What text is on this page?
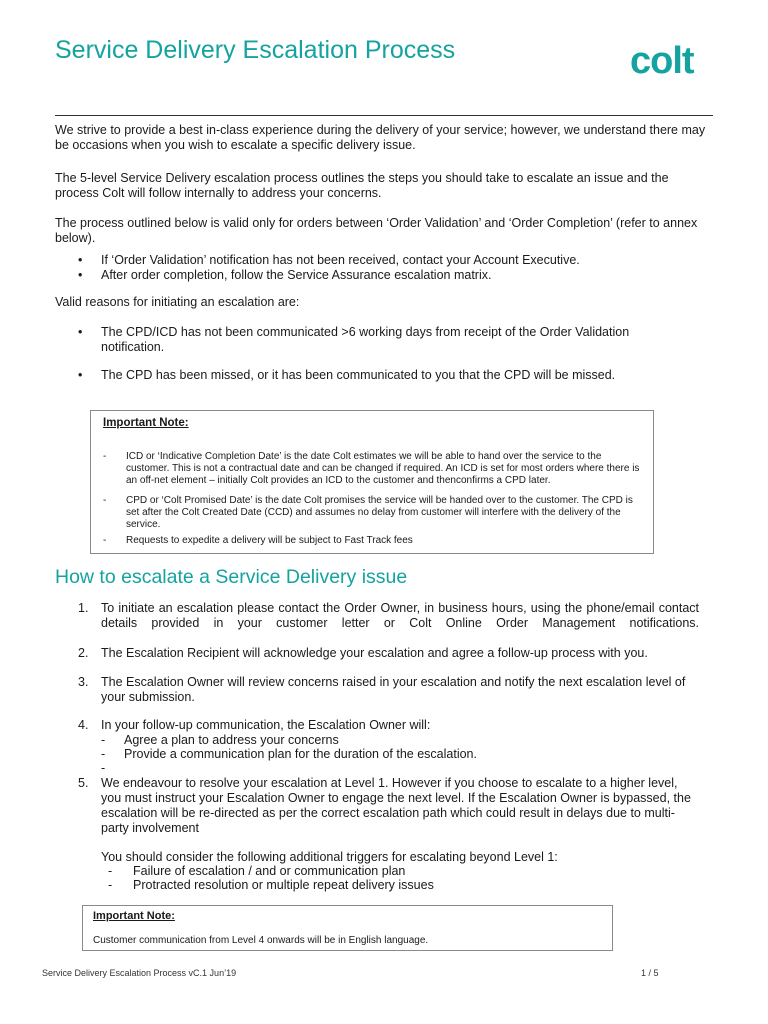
Service Delivery Escalation Process	colt

We strive to provide a best in-class experience during the delivery of your service; however, we understand there may be occasions when you wish to escalate a specific delivery issue.

The 5-level Service Delivery escalation process outlines the steps you should take to escalate an issue and the process Colt will follow internally to address your concerns.

The process outlined below is valid only for orders between ‘Order Validation’ and ‘Order Completion’ (refer to annex below).

• If ‘Order Validation’ notification has not been received, contact your Account Executive.

• After order completion, follow the Service Assurance escalation matrix.

Valid reasons for initiating an escalation are:

• The CPD/ICD has not been communicated >6 working days from receipt of the Order Validation notification.

• The CPD has been missed, or it has been communicated to you that the CPD will be missed.

Important Note:
- ICD or ‘Indicative Completion Date’ is the date Colt estimates we will be able to hand over the service to the customer. This is not a contractual date and can be changed if required. An ICD is set for most orders where there is an off-net element – initially Colt provides an ICD to the customer and thenconfirms a CPD later.

- CPD or ‘Colt Promised Date’ is the date Colt promises the service will be handed over to the customer. The CPD is set after the Colt Created Date (CCD) and assumes no delay from customer will interfere with the delivery of the service.

- Requests to expedite a delivery will be subject to Fast Track fees

How to escalate a Service Delivery issue
1. To initiate an escalation please contact the Order Owner, in business hours, using the phone/email contact details provided in your customer letter or Colt Online Order Management notifications.

2. The Escalation Recipient will acknowledge your escalation and agree a follow-up process with you.

3. The Escalation Owner will review concerns raised in your escalation and notify the next escalation level of your submission.

4. In your follow-up communication, the Escalation Owner will:

- Agree a plan to address your concerns
- Provide a communication plan for the duration of the escalation.
-
5. We endeavour to resolve your escalation at Level 1. However if you choose to escalate to a higher level, you must instruct your Escalation Owner to engage the next level. If the Escalation Owner is bypassed, the escalation will be re-directed as per the correct escalation path which could result in delays due to multi-party involvement

You should consider the following additional triggers for escalating beyond Level 1:

- Failure of escalation / and or communication plan
- Protracted resolution or multiple repeat delivery issues
Important Note:
Customer communication from Level 4 onwards will be in English language.
Service Delivery Escalation Process vC.1 Jun’19	1 / 5
